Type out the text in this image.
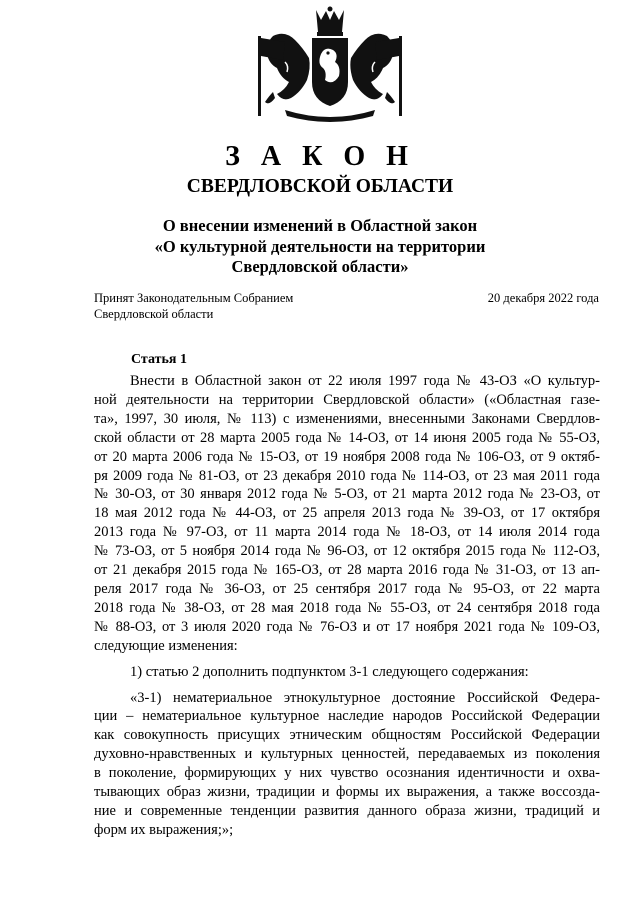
З А К О Н
СВЕРДЛОВСКОЙ ОБЛАСТИ
О внесении изменений в Областной закон
«О культурной деятельности на территории
Свердловской области»
Принят Законодательным Собранием
Свердловской области
20 декабря 2022 года
Статья 1

Внести в Областной закон от 22 июля 1997 года № 43-ОЗ «О культур-
ной деятельности на территории Свердловской области» («Областная газе-
та», 1997, 30 июля, № 113) с изменениями, внесенными Законами Свердлов-
ской области от 28 марта 2005 года № 14-ОЗ, от 14 июня 2005 года № 55-ОЗ,
от 20 марта 2006 года № 15-ОЗ, от 19 ноября 2008 года № 106-ОЗ, от 9 октяб-
ря 2009 года № 81-ОЗ, от 23 декабря 2010 года № 114-ОЗ, от 23 мая 2011 года
№ 30-ОЗ, от 30 января 2012 года № 5-ОЗ, от 21 марта 2012 года № 23-ОЗ, от
18 мая 2012 года № 44-ОЗ, от 25 апреля 2013 года № 39-ОЗ, от 17 октября
2013 года № 97-ОЗ, от 11 марта 2014 года № 18-ОЗ, от 14 июля 2014 года
№ 73-ОЗ, от 5 ноября 2014 года № 96-ОЗ, от 12 октября 2015 года № 112-ОЗ,
от 21 декабря 2015 года № 165-ОЗ, от 28 марта 2016 года № 31-ОЗ, от 13 ап-
реля 2017 года № 36-ОЗ, от 25 сентября 2017 года № 95-ОЗ, от 22 марта
2018 года № 38-ОЗ, от 28 мая 2018 года № 55-ОЗ, от 24 сентября 2018 года
№ 88-ОЗ, от 3 июля 2020 года № 76-ОЗ и от 17 ноября 2021 года № 109-ОЗ,
следующие изменения:

1) статью 2 дополнить подпунктом 3-1 следующего содержания:

«3-1) нематериальное этнокультурное достояние Российской Федера-
ции – нематериальное культурное наследие народов Российской Федерации
как совокупность присущих этническим общностям Российской Федерации
духовно-нравственных и культурных ценностей, передаваемых из поколения
в поколение, формирующих у них чувство осознания идентичности и охва-
тывающих образ жизни, традиции и формы их выражения, а также воссозда-
ние и современные тенденции развития данного образа жизни, традиций и
форм их выражения;»;
